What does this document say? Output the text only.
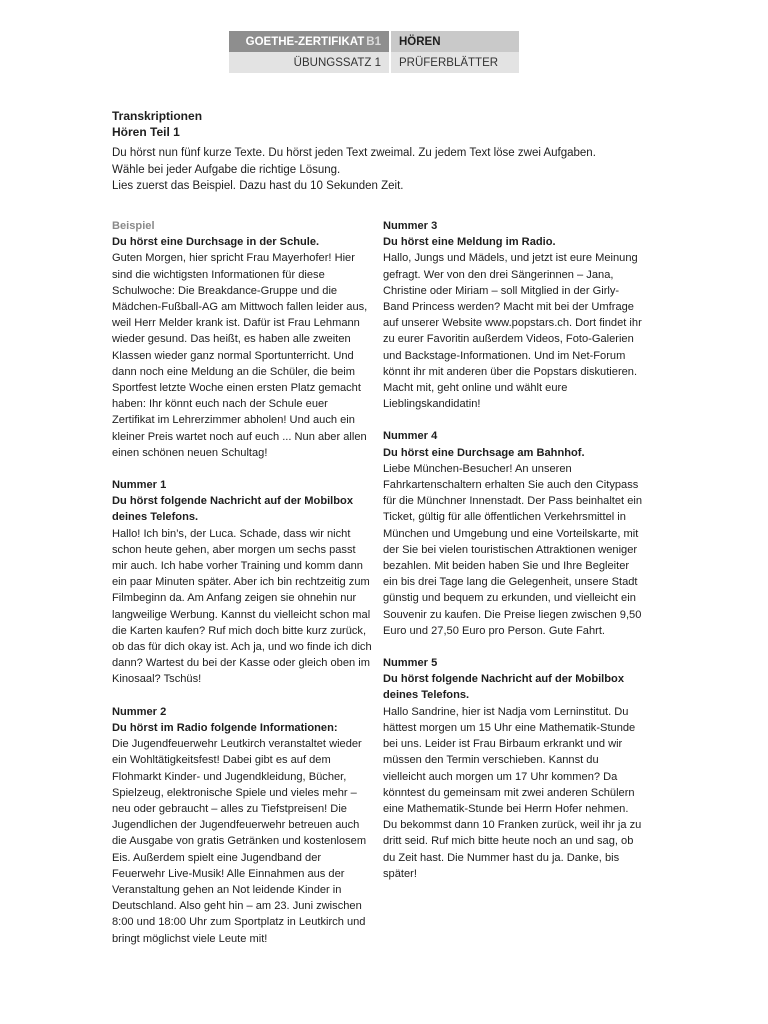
GOETHE-ZERTIFIKAT B1 HÖREN
ÜBUNGSSATZ 1 PRÜFERBLÄTTER
Transkriptionen
Hören Teil 1
Du hörst nun fünf kurze Texte. Du hörst jeden Text zweimal. Zu jedem Text löse zwei Aufgaben.
Wähle bei jeder Aufgabe die richtige Lösung.
Lies zuerst das Beispiel. Dazu hast du 10 Sekunden Zeit.
Beispiel
Du hörst eine Durchsage in der Schule.
Guten Morgen, hier spricht Frau Mayerhofer! Hier sind die wichtigsten Informationen für diese Schulwoche: Die Breakdance-Gruppe und die Mädchen-Fußball-AG am Mittwoch fallen leider aus, weil Herr Melder krank ist. Dafür ist Frau Lehmann wieder gesund. Das heißt, es haben alle zweiten Klassen wieder ganz normal Sportunterricht. Und dann noch eine Meldung an die Schüler, die beim Sportfest letzte Woche einen ersten Platz gemacht haben: Ihr könnt euch nach der Schule euer Zertifikat im Lehrerzimmer abholen! Und auch ein kleiner Preis wartet noch auf euch ... Nun aber allen einen schönen neuen Schultag!
Nummer 1
Du hörst folgende Nachricht auf der Mobilbox deines Telefons.
Hallo! Ich bin’s, der Luca. Schade, dass wir nicht schon heute gehen, aber morgen um sechs passt mir auch. Ich habe vorher Training und komm dann ein paar Minuten später. Aber ich bin rechtzeitig zum Filmbeginn da. Am Anfang zeigen sie ohnehin nur langweilige Werbung. Kannst du vielleicht schon mal die Karten kaufen? Ruf mich doch bitte kurz zurück, ob das für dich okay ist. Ach ja, und wo finde ich dich dann? Wartest du bei der Kasse oder gleich oben im Kinosaal? Tschüs!
Nummer 2
Du hörst im Radio folgende Informationen:
Die Jugendfeuerwehr Leutkirch veranstaltet wieder ein Wohltätigkeitsfest! Dabei gibt es auf dem Flohmarkt Kinder- und Jugendkleidung, Bücher, Spielzeug, elektronische Spiele und vieles mehr – neu oder gebraucht – alles zu Tiefstpreisen! Die Jugendlichen der Jugendfeuerwehr betreuen auch die Ausgabe von gratis Getränken und kostenlosem Eis. Außerdem spielt eine Jugendband der Feuerwehr Live-Musik! Alle Einnahmen aus der Veranstaltung gehen an Not leidende Kinder in Deutschland. Also geht hin – am 23. Juni zwischen 8:00 und 18:00 Uhr zum Sportplatz in Leutkirch und bringt möglichst viele Leute mit!
Nummer 3
Du hörst eine Meldung im Radio.
Hallo, Jungs und Mädels, und jetzt ist eure Meinung gefragt. Wer von den drei Sängerinnen – Jana, Christine oder Miriam – soll Mitglied in der Girly-Band Princess werden? Macht mit bei der Umfrage auf unserer Website www.popstars.ch. Dort findet ihr zu eurer Favoritin außerdem Videos, Foto-Galerien und Backstage-Informationen. Und im Net-Forum könnt ihr mit anderen über die Popstars diskutieren. Macht mit, geht online und wählt eure Lieblingskandidatin!
Nummer 4
Du hörst eine Durchsage am Bahnhof.
Liebe München-Besucher! An unseren Fahrkartenschaltern erhalten Sie auch den Citypass für die Münchner Innenstadt. Der Pass beinhaltet ein Ticket, gültig für alle öffentlichen Verkehrsmittel in München und Umgebung und eine Vorteilskarte, mit der Sie bei vielen touristischen Attraktionen weniger bezahlen. Mit beiden haben Sie und Ihre Begleiter ein bis drei Tage lang die Gelegenheit, unsere Stadt günstig und bequem zu erkunden, und vielleicht ein Souvenir zu kaufen. Die Preise liegen zwischen 9,50 Euro und 27,50 Euro pro Person. Gute Fahrt.
Nummer 5
Du hörst folgende Nachricht auf der Mobilbox deines Telefons.
Hallo Sandrine, hier ist Nadja vom Lerninstitut. Du hättest morgen um 15 Uhr eine Mathematik-Stunde bei uns. Leider ist Frau Birbaum erkrankt und wir müssen den Termin verschieben. Kannst du vielleicht auch morgen um 17 Uhr kommen? Da könntest du gemeinsam mit zwei anderen Schülern eine Mathematik-Stunde bei Herrn Hofer nehmen. Du bekommst dann 10 Franken zurück, weil ihr ja zu dritt seid. Ruf mich bitte heute noch an und sag, ob du Zeit hast. Die Nummer hast du ja. Danke, bis später!
